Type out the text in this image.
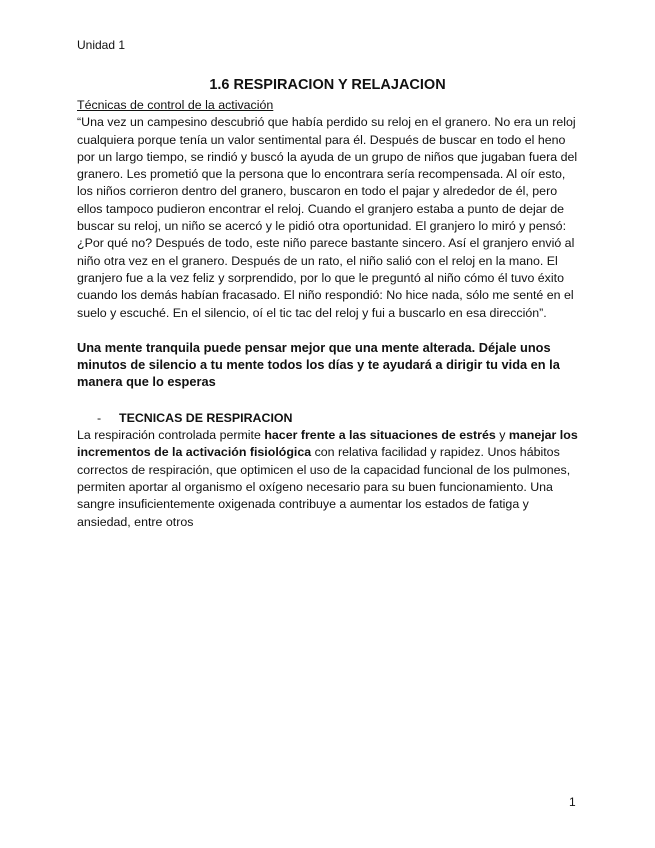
Unidad 1
1.6 RESPIRACION Y RELAJACION
Técnicas de control de la activación

“Una vez un campesino descubrió que había perdido su reloj en el granero. No era un reloj cualquiera porque tenía un valor sentimental para él. Después de buscar en todo el heno por un largo tiempo, se rindió y buscó la ayuda de un grupo de niños que jugaban fuera del granero. Les prometió que la persona que lo encontrara sería recompensada. Al oír esto, los niños corrieron dentro del granero, buscaron en todo el pajar y alrededor de él, pero ellos tampoco pudieron encontrar el reloj. Cuando el granjero estaba a punto de dejar de buscar su reloj, un niño se acercó y le pidió otra oportunidad. El granjero lo miró y pensó: ¿Por qué no? Después de todo, este niño parece bastante sincero. Así el granjero envió al niño otra vez en el granero. Después de un rato, el niño salió con el reloj en la mano. El granjero fue a la vez feliz y sorprendido, por lo que le preguntó al niño cómo él tuvo éxito cuando los demás habían fracasado. El niño respondió: No hice nada, sólo me senté en el suelo y escuché. En el silencio, oí el tic tac del reloj y fui a buscarlo en esa dirección”.

Una mente tranquila puede pensar mejor que una mente alterada. Déjale unos minutos de silencio a tu mente todos los días y te ayudará a dirigir tu vida en la manera que lo esperas

- TECNICAS DE RESPIRACION

La respiración controlada permite hacer frente a las situaciones de estrés y manejar los incrementos de la activación fisiológica con relativa facilidad y rapidez. Unos hábitos correctos de respiración, que optimicen el uso de la capacidad funcional de los pulmones, permiten aportar al organismo el oxígeno necesario para su buen funcionamiento. Una sangre insuficientemente oxigenada contribuye a aumentar los estados de fatiga y ansiedad, entre otros

1
